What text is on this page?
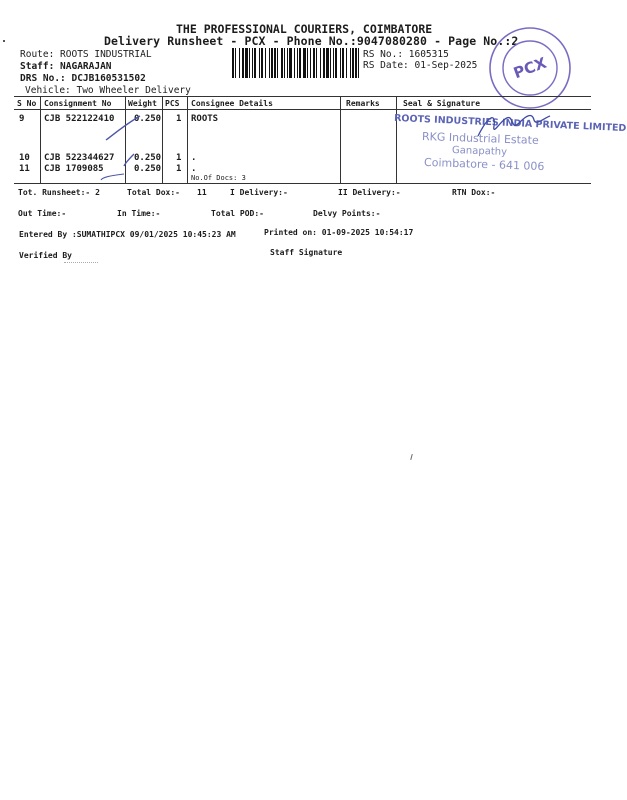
THE PROFESSIONAL COURIERS, COIMBATORE
Delivery Runsheet - PCX - Phone No.:9047080280 - Page No.:2
Route: ROOTS INDUSTRIAL
Staff: NAGARAJAN
DRS No.: DCJB160531502
Vehicle: Two Wheeler Delivery
RS No.: 1605315
RS Date: 01-Sep-2025 PCX
S No Consignment No Weight PCS Consignee Details	Remarks	Seal & Signature
9 CJB 522122410 0.250 1 ROOTS
10 CJB 522344627 0.250 1 .
11 CJB 1709085	0.250 1 .
No.Of Docs: 3
ROOTS INDUSTRIES INDIA PRIVATE LIMITED
RKG Industrial Estate
Ganapathy
Coimbatore - 641 006
Tot. Runsheet:- 2	Total Dox:- 11	I Delivery:-	II Delivery:-	RTN Dox:-
Out Time:-	In Time:-	Total POD:-	Delvy Points:-
Entered By :SUMATHIPCX 09/01/2025 10:45:23 AM	Printed on: 01-09-2025 10:54:17
Verified By	Staff Signature
